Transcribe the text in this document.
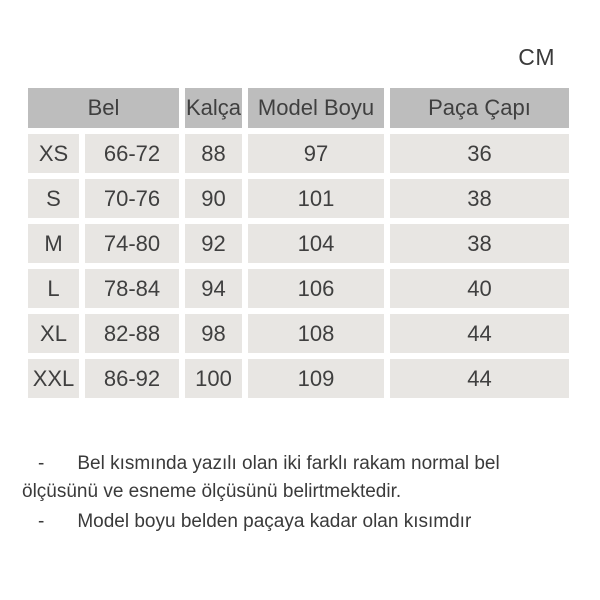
CM
Bel		Kalça	Model Boyu	Paça Çapı
XS	66-72	88	97	36
S	70-76	90	101	38
M	74-80	92	104	38
L	78-84	94	106	40
XL	82-88	98	108	44
XXL	86-92	100	109	44

- Bel kısmında yazılı olan iki farklı rakam normal bel
ölçüsünü ve esneme ölçüsünü belirtmektedir.

- Model boyu belden paçaya kadar olan kısımdır
